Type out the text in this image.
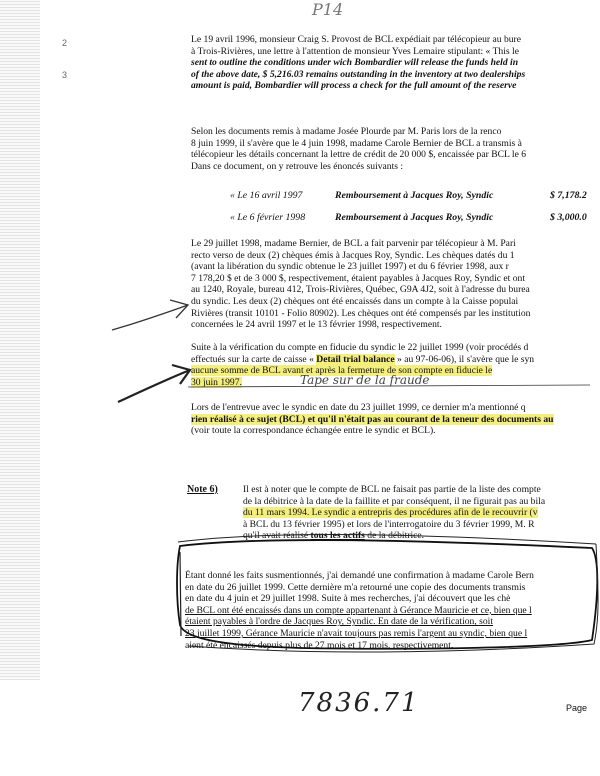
2
3
P14
Le 19 avril 1996, monsieur Craig S. Provost de BCL expédiait par télécopieur au bure
à Trois-Rivières, une lettre à l'attention de monsieur Yves Lemaire stipulant: « This le
sent to outline the conditions under wich Bombardier will release the funds held in
of the above date, $ 5,216.03 remains outstanding in the inventory at two dealerships
amount is paid, Bombardier will process a check for the full amount of the reserve
Selon les documents remis à madame Josée Plourde par M. Paris lors de la renco
8 juin 1999, il s'avère que le 4 juin 1998, madame Carole Bernier de BCL a transmis à
télécopieur les détails concernant la lettre de crédit de 20 000 $, encaissée par BCL le 6
Dans ce document, on y retrouve les énoncés suivants :
« Le 16 avril 1997	Remboursement à Jacques Roy, Syndic	$ 7,178.2
« Le 6 février 1998	Remboursement à Jacques Roy, Syndic	$ 3,000.0
Le 29 juillet 1998, madame Bernier, de BCL a fait parvenir par télécopieur à M. Pari
recto verso de deux (2) chèques émis à Jacques Roy, Syndic. Les chèques datés du 1
(avant la libération du syndic obtenue le 23 juillet 1997) et du 6 février 1998, aux r
7 178,20 $ et de 3 000 $, respectivement, étaient payables à Jacques Roy, Syndic et ont
au 1240, Royale, bureau 412, Trois-Rivières, Québec, G9A 4J2, soit à l'adresse du burea
du syndic. Les deux (2) chèques ont été encaissés dans un compte à la Caisse populai
Rivières (transit 10101 - Folio 80902). Les chèques ont été compensés par les institution
concernées le 24 avril 1997 et le 13 février 1998, respectivement.
Suite à la vérification du compte en fiducie du syndic le 22 juillet 1999 (voir procédés d
effectués sur la carte de caisse « Detail trial balance » au 97-06-06), il s'avère que le syn
aucune somme de BCL avant et après la fermeture de son compte en fiducie le
30 juin 1997.	Tape sur de la fraude
Lors de l'entrevue avec le syndic en date du 23 juillet 1999, ce dernier m'a mentionné q
rien réalisé à ce sujet (BCL) et qu'il n'était pas au courant de la teneur des documents au
(voir toute la correspondance échangée entre le syndic et BCL).
Note 6)	Il est à noter que le compte de BCL ne faisait pas partie de la liste des compte
de la débitrice à la date de la faillite et par conséquent, il ne figurait pas au bila
du 11 mars 1994. Le syndic a entrepris des procédures afin de le recouvrir (v
à BCL du 13 février 1995) et lors de l'interrogatoire du 3 février 1999, M. R
qu'il avait réalisé tous les actifs de la débitrice.
Étant donné les faits susmentionnés, j'ai demandé une confirmation à madame Carole Bern
en date du 26 juillet 1999. Cette dernière m'a retourné une copie des documents transmis
en date du 4 juin et 29 juillet 1998. Suite à mes recherches, j'ai découvert que les chè
de BCL ont été encaissés dans un compte appartenant à Gérance Mauricie et ce, bien que l
étaient payables à l'ordre de Jacques Roy, Syndic. En date de la vérification, soit
23 juillet 1999, Gérance Mauricie n'avait toujours pas remis l'argent au syndic, bien que l
aient été encaissés depuis plus de 27 mois et 17 mois, respectivement.
7836.71	Page
